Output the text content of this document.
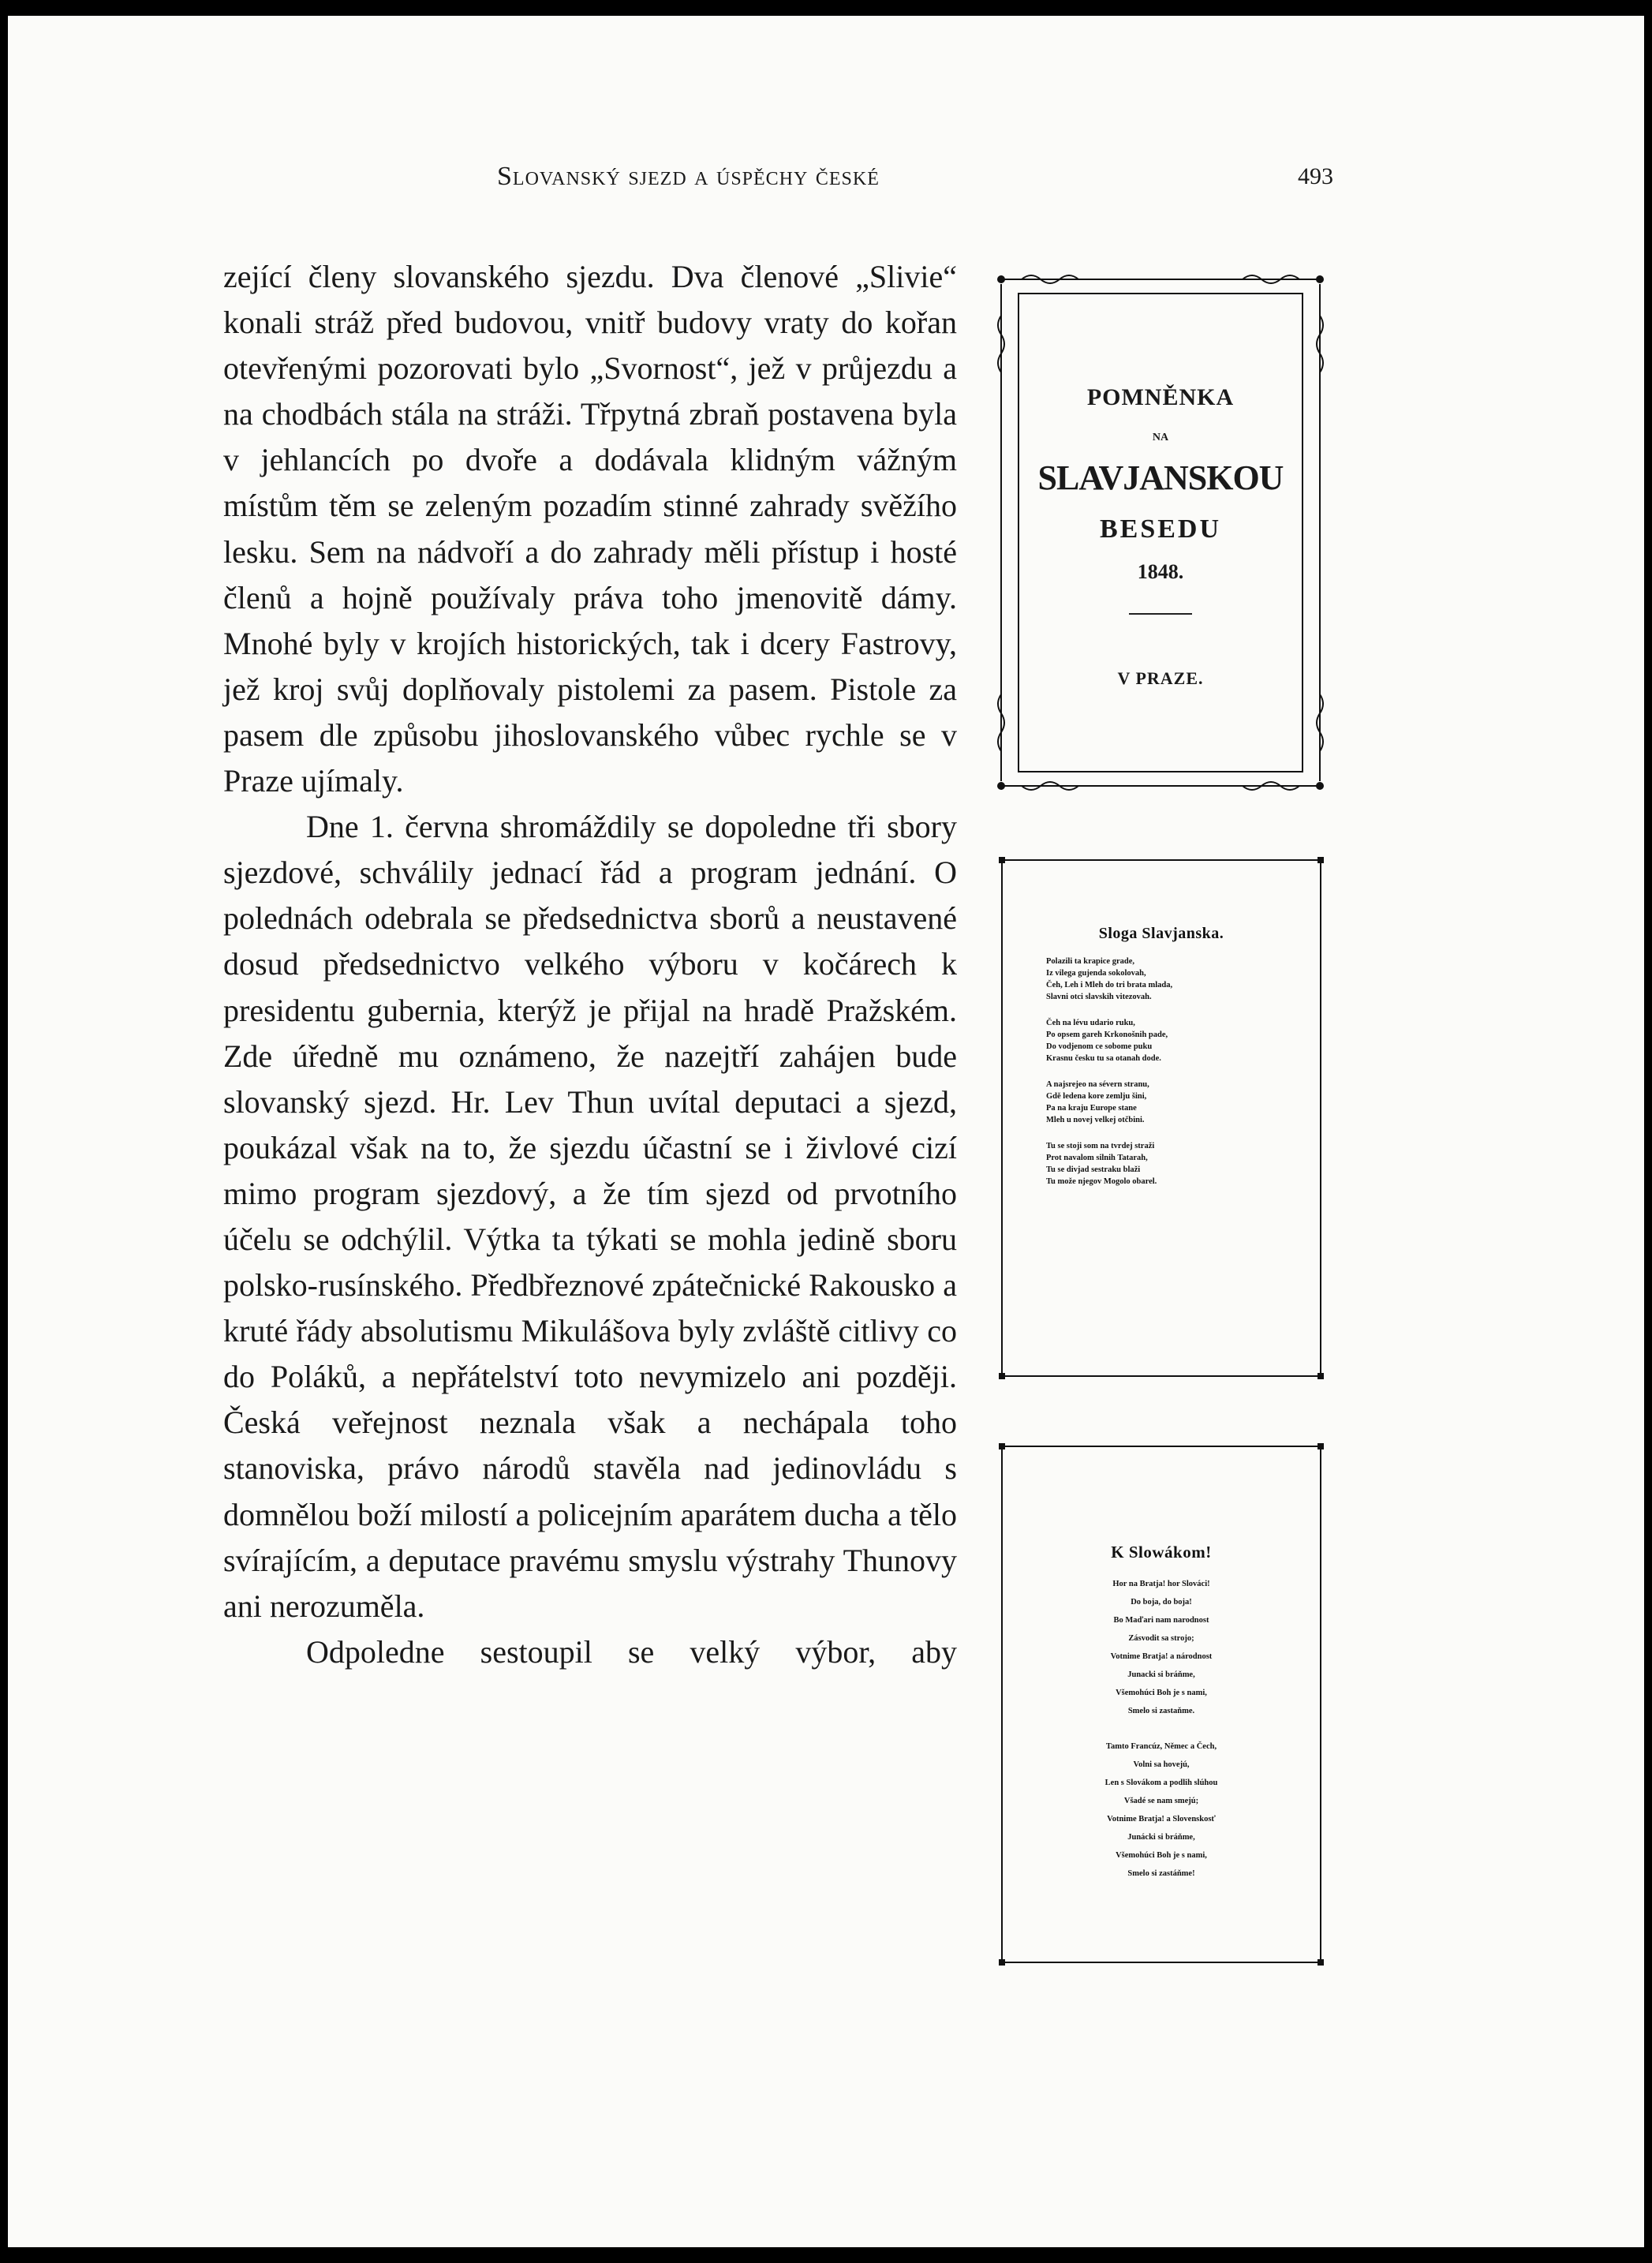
Slovanský sjezd a úspěchy české	493

zející členy slovanského sjezdu. Dva členové „Slivie“ konali stráž před budovou, vnitř budovy vraty do kořan otevřenými pozorovati bylo „Svornost“, jež v průjezdu a na chodbách stála na stráži. Třpytná zbraň postavena byla v jehlancích po dvoře a dodávala klidným vážným místům těm se zeleným pozadím stinné zahrady svěžího lesku. Sem na nádvoří a do zahrady měli přístup i hosté členů a hojně používaly práva toho jmenovitě dámy. Mnohé byly v krojích historických, tak i dcery Fastrovy, jež kroj svůj doplňovaly pistolemi za pasem. Pistole za pasem dle způsobu jihoslovanského vůbec rychle se v Praze ujímaly.

Dne 1. června shromáždily se dopoledne tři sbory sjezdové, schválily jednací řád a program jednání. O polednách odebrala se předsednictva sborů a neustavené dosud předsednictvo velkého výboru v kočárech k presidentu gubernia, kterýž je přijal na hradě Pražském. Zde úředně mu oznámeno, že nazejtří zahájen bude slovanský sjezd. Hr. Lev Thun uvítal deputaci a sjezd, poukázal však na to, že sjezdu účastní se i živlové cizí mimo program sjezdový, a že tím sjezd od prvotního účelu se odchýlil. Výtka ta týkati se mohla jedině sboru polsko-rusínského. Předbřeznové zpátečnické Rakousko a kruté řády absolutismu Mikulášova byly zvláště citlivy co do Poláků, a nepřátelství toto nevymizelo ani později. Česká veřejnost neznala však a nechápala toho stanoviska, právo národů stavěla nad jedinovládu s domnělou boží milostí a policejním aparátem ducha a tělo svírajícím, a deputace pravému smyslu výstrahy Thunovy ani nerozuměla.

Odpoledne sestoupil se velký výbor, aby

POMNĚNKA
NA
SLAVJANSKOU
BESEDU
1848.
V PRAZE.
Sloga Slavjanska.
Polazili ta krapice grade,
Iz vilega gujenda sokolovah,
Čeh, Leh i Mleh do tri brata mlada,
Slavni otci slavskih vitezovah.
Čeh na lévu udario ruku,
Po opsem gareh Krkonošnih pade,
Do vodjenom ce sobome puku
Krasnu česku tu sa otanah dode.
A najsrejeo na sévern stranu,
Gdě ledena kore zemlju šini,
Pa na kraju Europe stane
Mleh u novej velkej otčbini.
Tu se stoji som na tvrdej straži
Prot navalom silnih Tatarah,
Tu se divjad sestraku blaži
Tu može njegov Mogolo obarel.
K Slowákom!
Hor na Bratja! hor Slováci!
Do boja, do boja!
Bo Maďari nam narodnost
Zásvodit sa strojo;
Votnime Bratja! a národnost
Junacki si bráňme,
Všemohúci Boh je s nami,
Smelo si zastaňme.
Tamto Francúz, Němec a Čech,
Volni sa hovejú,
Len s Slovákom a podlih slúhou
Všadé se nam smejú;
Votnime Bratja! a Slovenskosť
Junácki si bráňme,
Všemohúci Boh je s nami,
Smelo si zastáňme!
